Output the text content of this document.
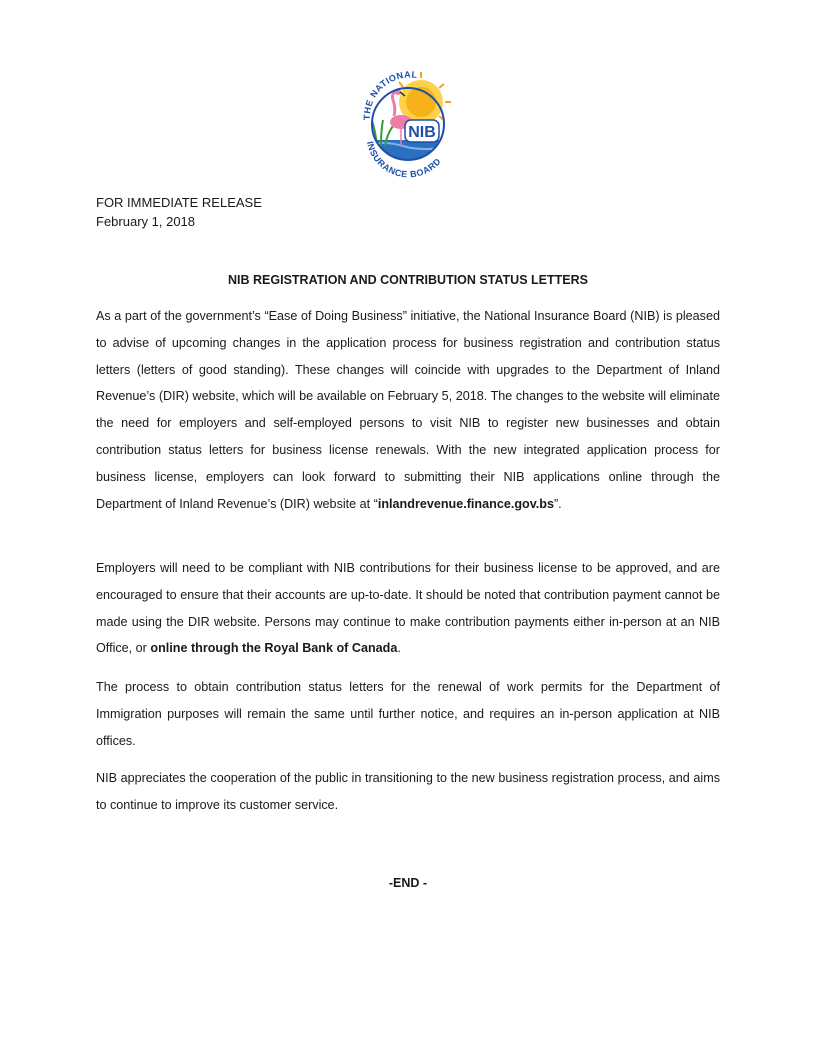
NIB
THE NATIONAL
INSURANCE BOARD
FOR IMMEDIATE RELEASE
February 1, 2018
NIB REGISTRATION AND CONTRIBUTION STATUS LETTERS

As a part of the government’s “Ease of Doing Business” initiative, the National Insurance Board (NIB) is pleased to advise of upcoming changes in the application process for business registration and contribution status letters (letters of good standing). These changes will coincide with upgrades to the Department of Inland Revenue’s (DIR) website, which will be available on February 5, 2018. The changes to the website will eliminate the need for employers and self-employed persons to visit NIB to register new businesses and obtain contribution status letters for business license renewals. With the new integrated application process for business license, employers can look forward to submitting their NIB applications online through the Department of Inland Revenue’s (DIR) website at “inlandrevenue.finance.gov.bs”.

Employers will need to be compliant with NIB contributions for their business license to be approved, and are encouraged to ensure that their accounts are up-to-date. It should be noted that contribution payment cannot be made using the DIR website. Persons may continue to make contribution payments either in-person at an NIB Office, or online through the Royal Bank of Canada.

The process to obtain contribution status letters for the renewal of work permits for the Department of Immigration purposes will remain the same until further notice, and requires an in-person application at NIB offices.

NIB appreciates the cooperation of the public in transitioning to the new business registration process, and aims to continue to improve its customer service.

-END -
